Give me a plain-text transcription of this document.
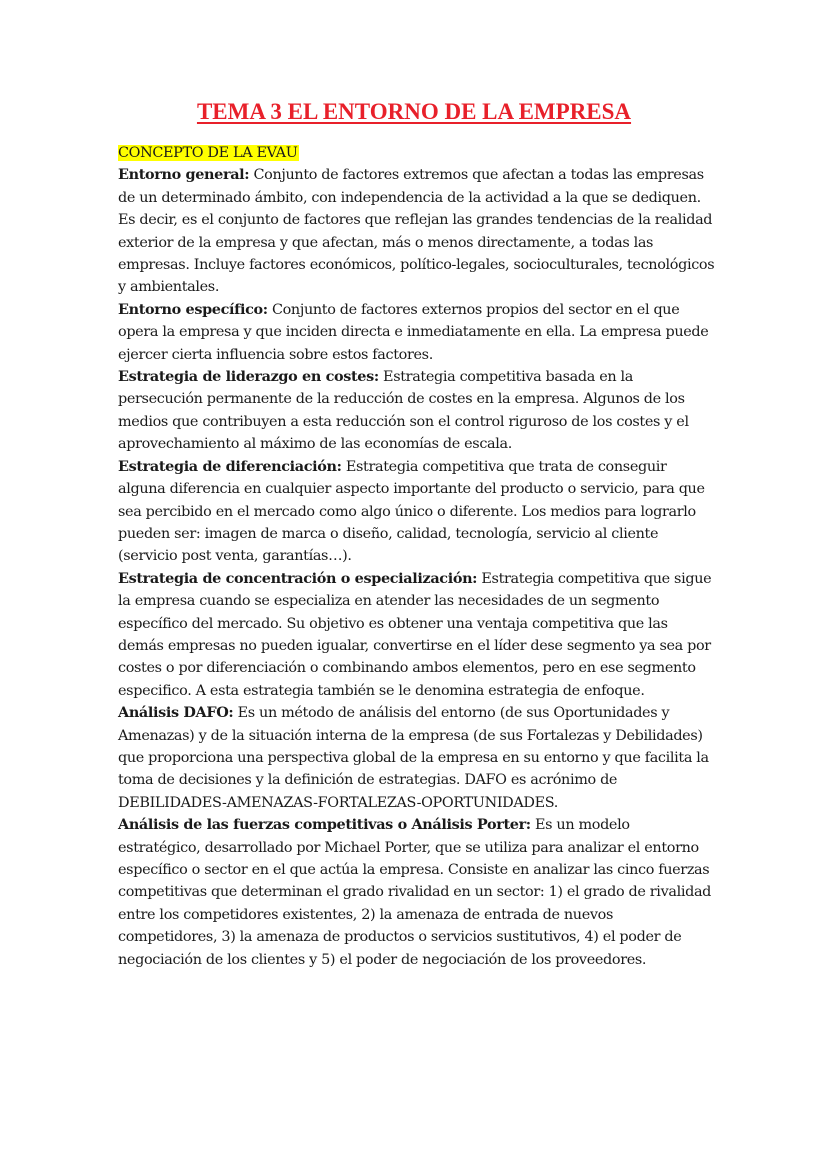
TEMA 3 EL ENTORNO DE LA EMPRESA
CONCEPTO DE LA EVAU

Entorno general: Conjunto de factores extremos que afectan a todas las empresas de un determinado ámbito, con independencia de la actividad a la que se dediquen. Es decir, es el conjunto de factores que reflejan las grandes tendencias de la realidad exterior de la empresa y que afectan, más o menos directamente, a todas las empresas. Incluye factores económicos, político-legales, socioculturales, tecnológicos y ambientales.

Entorno específico: Conjunto de factores externos propios del sector en el que opera la empresa y que inciden directa e inmediatamente en ella. La empresa puede ejercer cierta influencia sobre estos factores.

Estrategia de liderazgo en costes: Estrategia competitiva basada en la persecución permanente de la reducción de costes en la empresa. Algunos de los medios que contribuyen a esta reducción son el control riguroso de los costes y el aprovechamiento al máximo de las economías de escala.

Estrategia de diferenciación: Estrategia competitiva que trata de conseguir alguna diferencia en cualquier aspecto importante del producto o servicio, para que sea percibido en el mercado como algo único o diferente. Los medios para lograrlo pueden ser: imagen de marca o diseño, calidad, tecnología, servicio al cliente (servicio post venta, garantías…).

Estrategia de concentración o especialización: Estrategia competitiva que sigue la empresa cuando se especializa en atender las necesidades de un segmento específico del mercado. Su objetivo es obtener una ventaja competitiva que las demás empresas no pueden igualar, convertirse en el líder dese segmento ya sea por costes o por diferenciación o combinando ambos elementos, pero en ese segmento especifico. A esta estrategia también se le denomina estrategia de enfoque.

Análisis DAFO: Es un método de análisis del entorno (de sus Oportunidades y Amenazas) y de la situación interna de la empresa (de sus Fortalezas y Debilidades) que proporciona una perspectiva global de la empresa en su entorno y que facilita la toma de decisiones y la definición de estrategias. DAFO es acrónimo de DEBILIDADES-AMENAZAS-FORTALEZAS-OPORTUNIDADES.

Análisis de las fuerzas competitivas o Análisis Porter: Es un modelo estratégico, desarrollado por Michael Porter, que se utiliza para analizar el entorno específico o sector en el que actúa la empresa. Consiste en analizar las cinco fuerzas competitivas que determinan el grado rivalidad en un sector: 1) el grado de rivalidad entre los competidores existentes, 2) la amenaza de entrada de nuevos competidores, 3) la amenaza de productos o servicios sustitutivos, 4) el poder de negociación de los clientes y 5) el poder de negociación de los proveedores.
